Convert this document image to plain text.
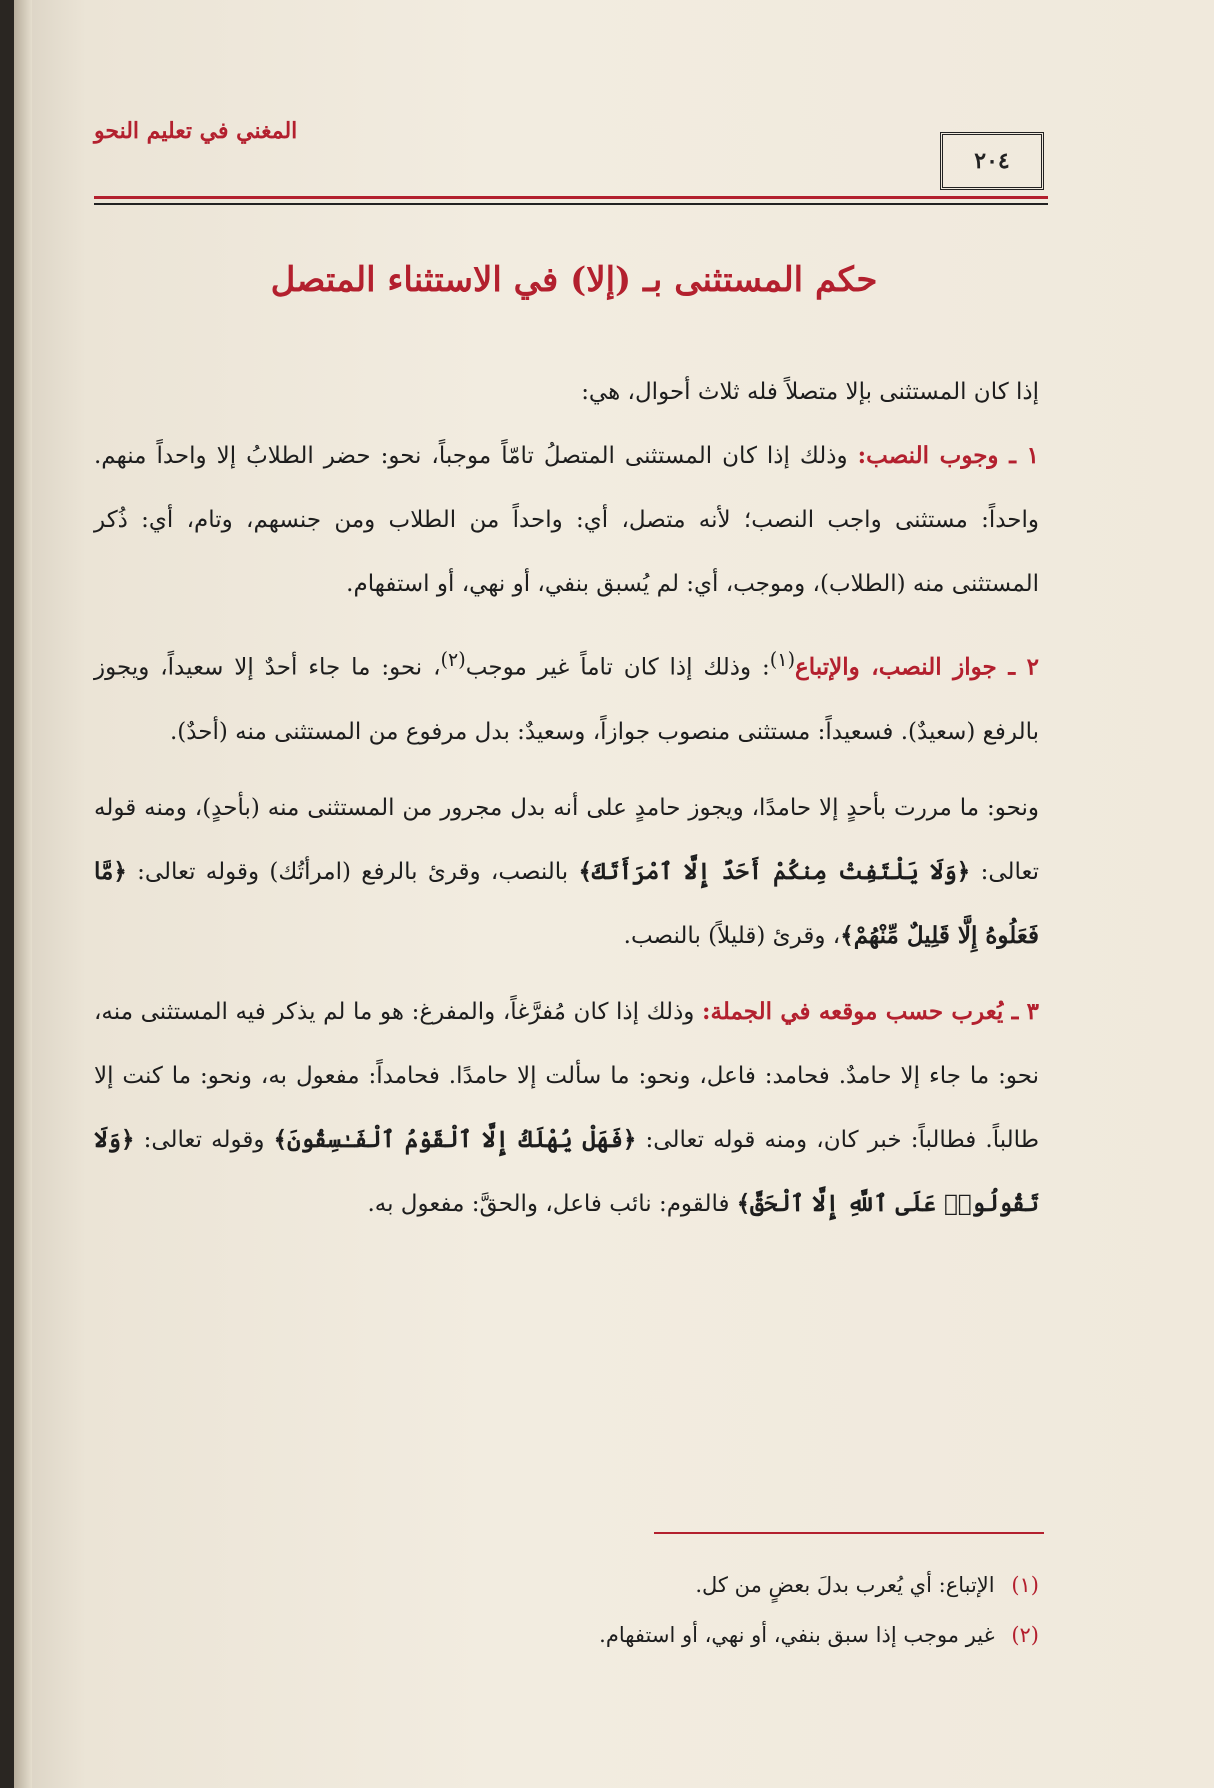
المغني في تعليم النحو
٢٠٤
حكم المستثنى بـ (إلا) في الاستثناء المتصل

إذا كان المستثنى بإلا متصلاً فله ثلاث أحوال، هي:

١ ـ وجوب النصب: وذلك إذا كان المستثنى المتصلُ تامّاً موجباً، نحو: حضر الطلابُ إلا واحداً منهم. واحداً: مستثنى واجب النصب؛ لأنه متصل، أي: واحداً من الطلاب ومن جنسهم، وتام، أي: ذُكر المستثنى منه (الطلاب)، وموجب، أي: لم يُسبق بنفي، أو نهي، أو استفهام.

٢ ـ جواز النصب، والإتباع$^{(١)}$: وذلك إذا كان تاماً غير موجب$^{(٢)}$، نحو: ما جاء أحدٌ إلا سعيداً، ويجوز بالرفع (سعيدٌ). فسعيداً: مستثنى منصوب جوازاً، وسعيدٌ: بدل مرفوع من المستثنى منه (أحدٌ).

ونحو: ما مررت بأحدٍ إلا حامدًا، ويجوز حامدٍ على أنه بدل مجرور من المستثنى منه (بأحدٍ)، ومنه قوله تعالى: ﴿وَلَا يَلْتَفِتْ مِنكُمْ أَحَدٌ إِلَّا ٱمْرَأَتَكَ﴾ بالنصب، وقرئ بالرفع (امرأتُك) وقوله تعالى: ﴿مَّا فَعَلُوهُ إِلَّا قَلِيلٌ مِّنْهُمْ﴾، وقرئ (قليلاً) بالنصب.

٣ ـ يُعرب حسب موقعه في الجملة: وذلك إذا كان مُفرَّغاً، والمفرغ: هو ما لم يذكر فيه المستثنى منه، نحو: ما جاء إلا حامدٌ. فحامد: فاعل، ونحو: ما سألت إلا حامدًا. فحامداً: مفعول به، ونحو: ما كنت إلا طالباً. فطالباً: خبر كان، ومنه قوله تعالى: ﴿فَهَلْ يُهْلَكُ إِلَّا ٱلْقَوْمُ ٱلْفَـٰسِقُونَ﴾ وقوله تعالى: ﴿وَلَا تَقُولُوا۟ عَلَى ٱللَّهِ إِلَّا ٱلْحَقَّ﴾ فالقوم: نائب فاعل، والحقَّ: مفعول به.

(١) الإتباع: أي يُعرب بدلَ بعضٍ من كل.
(٢) غير موجب إذا سبق بنفي، أو نهي، أو استفهام.
